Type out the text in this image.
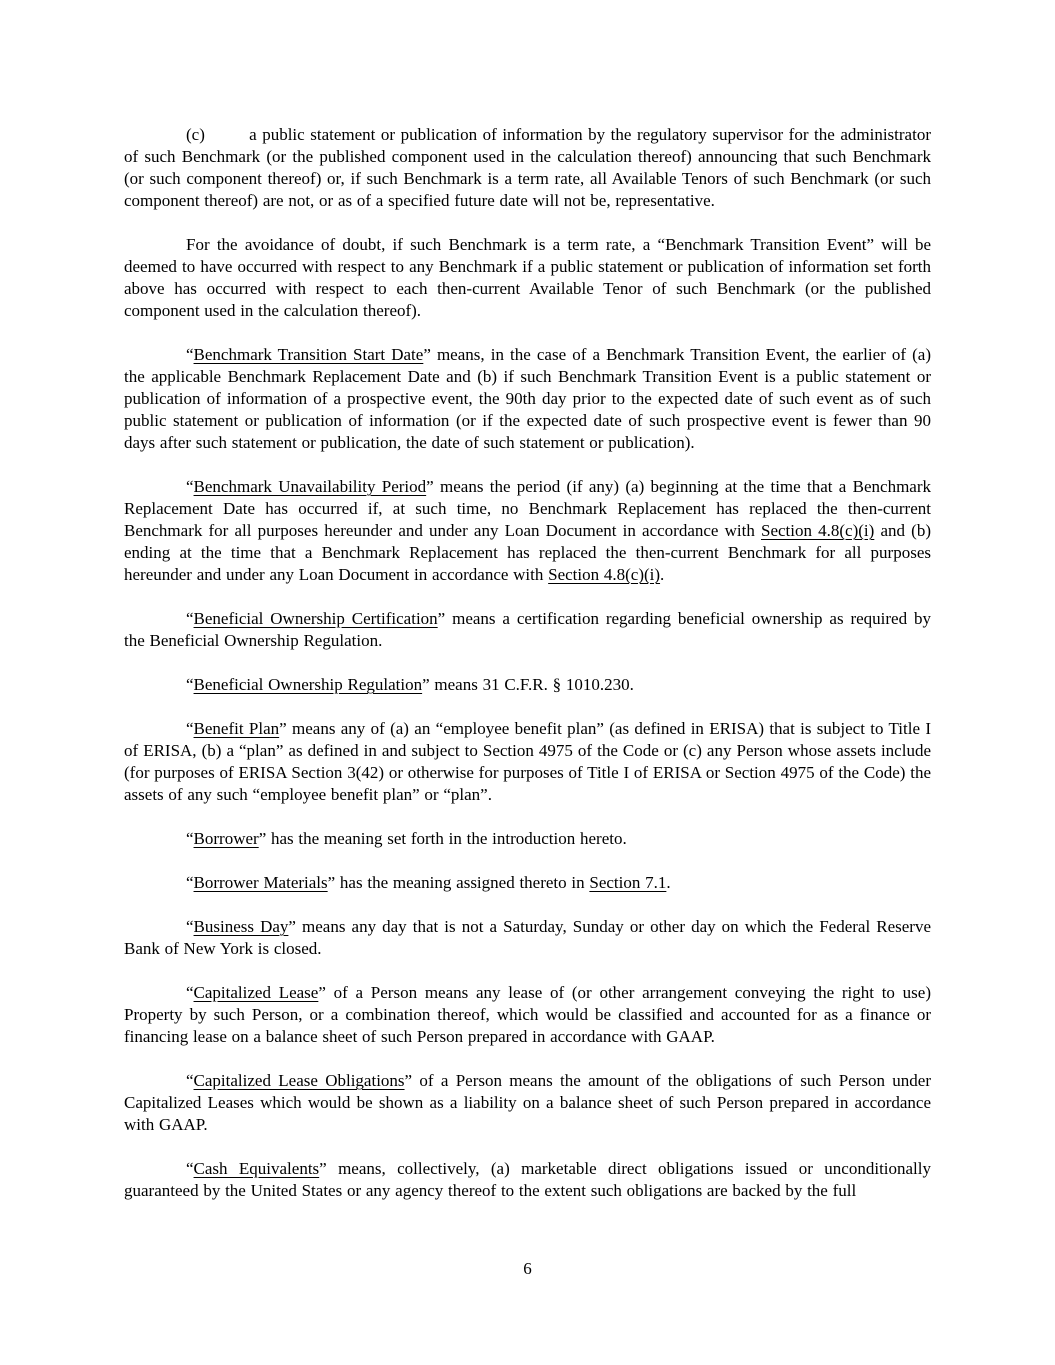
(c)        a public statement or publication of information by the regulatory supervisor for the administrator of such Benchmark (or the published component used in the calculation thereof) announcing that such Benchmark (or such component thereof) or, if such Benchmark is a term rate, all Available Tenors of such Benchmark (or such component thereof) are not, or as of a specified future date will not be, representative.

For the avoidance of doubt, if such Benchmark is a term rate, a “Benchmark Transition Event” will be deemed to have occurred with respect to any Benchmark if a public statement or publication of information set forth above has occurred with respect to each then-current Available Tenor of such Benchmark (or the published component used in the calculation thereof).

“Benchmark Transition Start Date” means, in the case of a Benchmark Transition Event, the earlier of (a) the applicable Benchmark Replacement Date and (b) if such Benchmark Transition Event is a public statement or publication of information of a prospective event, the 90th day prior to the expected date of such event as of such public statement or publication of information (or if the expected date of such prospective event is fewer than 90 days after such statement or publication, the date of such statement or publication).

“Benchmark Unavailability Period” means the period (if any) (a) beginning at the time that a Benchmark Replacement Date has occurred if, at such time, no Benchmark Replacement has replaced the then-current Benchmark for all purposes hereunder and under any Loan Document in accordance with Section 4.8(c)(i) and (b) ending at the time that a Benchmark Replacement has replaced the then-current Benchmark for all purposes hereunder and under any Loan Document in accordance with Section 4.8(c)(i).

“Beneficial Ownership Certification” means a certification regarding beneficial ownership as required by the Beneficial Ownership Regulation.

“Beneficial Ownership Regulation” means 31 C.F.R. § 1010.230.

“Benefit Plan” means any of (a) an “employee benefit plan” (as defined in ERISA) that is subject to Title I of ERISA, (b) a “plan” as defined in and subject to Section 4975 of the Code or (c) any Person whose assets include (for purposes of ERISA Section 3(42) or otherwise for purposes of Title I of ERISA or Section 4975 of the Code) the assets of any such “employee benefit plan” or “plan”.

“Borrower” has the meaning set forth in the introduction hereto.

“Borrower Materials” has the meaning assigned thereto in Section 7.1.

“Business Day” means any day that is not a Saturday, Sunday or other day on which the Federal Reserve Bank of New York is closed.

“Capitalized Lease” of a Person means any lease of (or other arrangement conveying the right to use) Property by such Person, or a combination thereof, which would be classified and accounted for as a finance or financing lease on a balance sheet of such Person prepared in accordance with GAAP.

“Capitalized Lease Obligations” of a Person means the amount of the obligations of such Person under Capitalized Leases which would be shown as a liability on a balance sheet of such Person prepared in accordance with GAAP.

“Cash Equivalents” means, collectively, (a) marketable direct obligations issued or unconditionally guaranteed by the United States or any agency thereof to the extent such obligations are backed by the full

6
